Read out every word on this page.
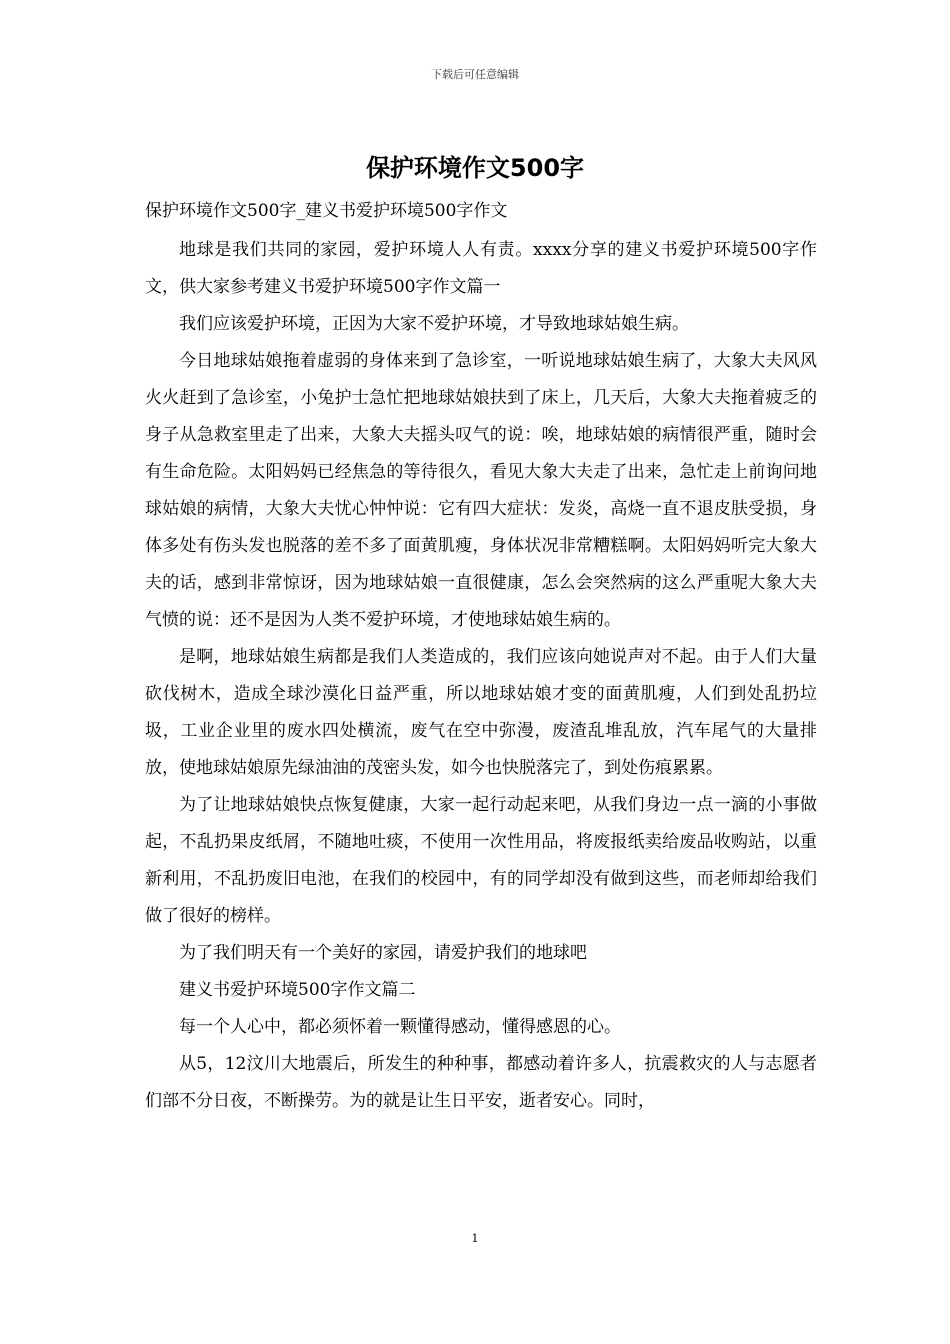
下载后可任意编辑
保护环境作文500字
保护环境作文500字_建义书爱护环境500字作文

地球是我们共同的家园，爱护环境人人有责。xxxx分享的建义书爱护环境500字作文，供大家参考建义书爱护环境500字作文篇一

我们应该爱护环境，正因为大家不爱护环境，才导致地球姑娘生病。

今日地球姑娘拖着虚弱的身体来到了急诊室，一听说地球姑娘生病了，大象大夫风风火火赶到了急诊室，小兔护士急忙把地球姑娘扶到了床上，几天后，大象大夫拖着疲乏的身子从急救室里走了出来，大象大夫摇头叹气的说：唉，地球姑娘的病情很严重，随时会有生命危险。太阳妈妈已经焦急的等待很久，看见大象大夫走了出来，急忙走上前询问地球姑娘的病情，大象大夫忧心忡忡说：它有四大症状：发炎，高烧一直不退皮肤受损，身体多处有伤头发也脱落的差不多了面黄肌瘦，身体状况非常糟糕啊。太阳妈妈听完大象大夫的话，感到非常惊讶，因为地球姑娘一直很健康，怎么会突然病的这么严重呢大象大夫气愤的说：还不是因为人类不爱护环境，才使地球姑娘生病的。

是啊，地球姑娘生病都是我们人类造成的，我们应该向她说声对不起。由于人们大量砍伐树木，造成全球沙漠化日益严重，所以地球姑娘才变的面黄肌瘦，人们到处乱扔垃圾，工业企业里的废水四处横流，废气在空中弥漫，废渣乱堆乱放，汽车尾气的大量排放，使地球姑娘原先绿油油的茂密头发，如今也快脱落完了，到处伤痕累累。

为了让地球姑娘快点恢复健康，大家一起行动起来吧，从我们身边一点一滴的小事做起，不乱扔果皮纸屑，不随地吐痰，不使用一次性用品，将废报纸卖给废品收购站，以重新利用，不乱扔废旧电池，在我们的校园中，有的同学却没有做到这些，而老师却给我们做了很好的榜样。

为了我们明天有一个美好的家园，请爱护我们的地球吧

建义书爱护环境500字作文篇二

每一个人心中，都必须怀着一颗懂得感动，懂得感恩的心。

从5，12汶川大地震后，所发生的种种事，都感动着许多人，抗震救灾的人与志愿者们部不分日夜，不断操劳。为的就是让生日平安，逝者安心。同时，

1
